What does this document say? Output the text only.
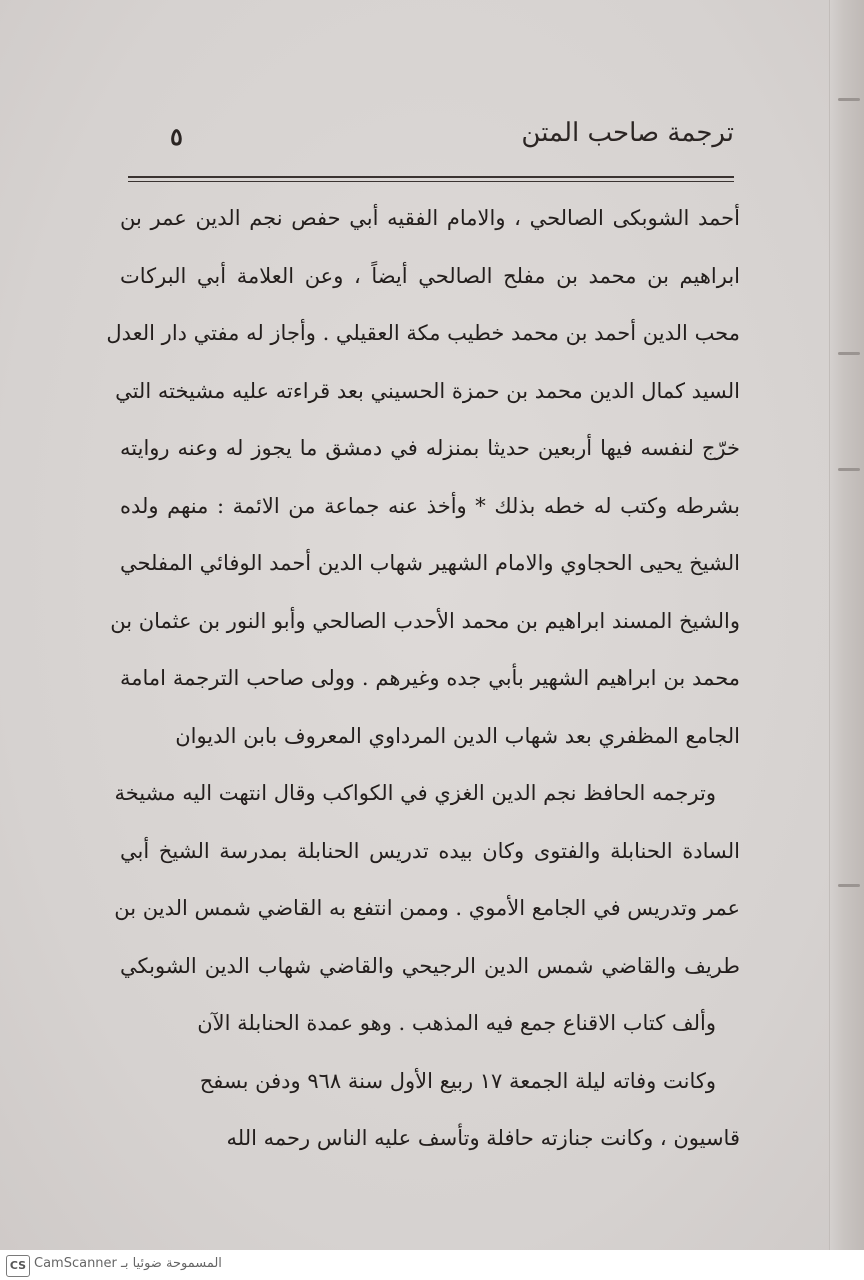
ترجمة صاحب المتن
٥
أحمد الشوبكى الصالحي ، والامام الفقيه أبي حفص نجم الدين عمر بن
ابراهيم بن محمد بن مفلح الصالحي أيضاً ، وعن العلامة أبي البركات
محب الدين أحمد بن محمد خطيب مكة العقيلي . وأجاز له مفتي دار العدل
السيد كمال الدين محمد بن حمزة الحسيني بعد قراءته عليه مشيخته التي
خرّج لنفسه فيها أربعين حديثا بمنزله في دمشق ما يجوز له وعنه روايته
بشرطه وكتب له خطه بذلك * وأخذ عنه جماعة من الائمة : منهم ولده
الشيخ يحيى الحجاوي والامام الشهير شهاب الدين أحمد الوفائي المفلحي
والشيخ المسند ابراهيم بن محمد الأحدب الصالحي وأبو النور بن عثمان بن
محمد بن ابراهيم الشهير بأبي جده وغيرهم . وولى صاحب الترجمة امامة
الجامع المظفري بعد شهاب الدين المرداوي المعروف بابن الديوان
وترجمه الحافظ نجم الدين الغزي في الكواكب وقال انتهت اليه مشيخة
السادة الحنابلة والفتوى وكان بيده تدريس الحنابلة بمدرسة الشيخ أبي
عمر وتدريس في الجامع الأموي . وممن انتفع به القاضي شمس الدين بن
طريف والقاضي شمس الدين الرجيحي والقاضي شهاب الدين الشوبكي
وألف كتاب الاقناع جمع فيه المذهب . وهو عمدة الحنابلة الآن
وكانت وفاته ليلة الجمعة ١٧ ربيع الأول سنة ٩٦٨ ودفن بسفح
قاسيون ، وكانت جنازته حافلة وتأسف عليه الناس رحمه الله
CS CamScanner المسموحة ضوئيا بـ
